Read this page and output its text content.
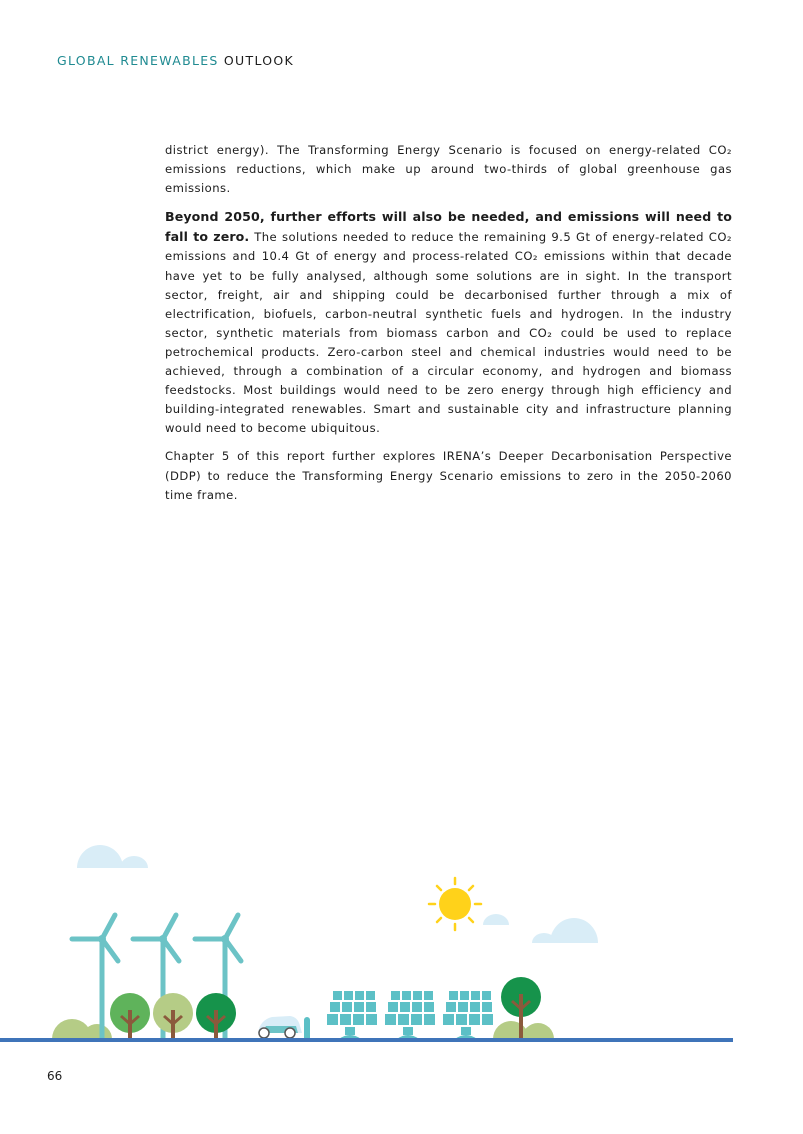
GLOBAL RENEWABLES OUTLOOK

district energy). The Transforming Energy Scenario is focused on energy-related CO₂ emissions reductions, which make up around two-thirds of global greenhouse gas emissions.

Beyond 2050, further efforts will also be needed, and emissions will need to fall to zero. The solutions needed to reduce the remaining 9.5 Gt of energy-related CO₂ emissions and 10.4 Gt of energy and process-related CO₂ emissions within that decade have yet to be fully analysed, although some solutions are in sight. In the transport sector, freight, air and shipping could be decarbonised further through a mix of electrification, biofuels, carbon-neutral synthetic fuels and hydrogen. In the industry sector, synthetic materials from biomass carbon and CO₂ could be used to replace petrochemical products. Zero-carbon steel and chemical industries would need to be achieved, through a combination of a circular economy, and hydrogen and biomass feedstocks. Most buildings would need to be zero energy through high efficiency and building-integrated renewables. Smart and sustainable city and infrastructure planning would need to become ubiquitous.

Chapter 5 of this report further explores IRENA’s Deeper Decarbonisation Perspective (DDP) to reduce the Transforming Energy Scenario emissions to zero in the 2050-2060 time frame.

66
